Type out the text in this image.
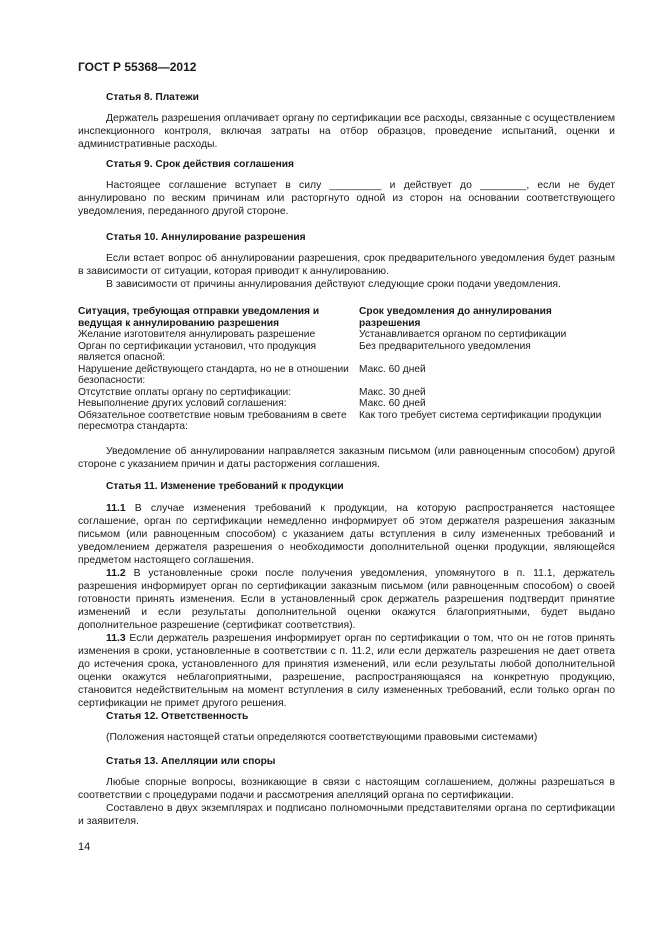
ГОСТ Р 55368—2012
Статья 8. Платежи

Держатель разрешения оплачивает органу по сертификации все расходы, связанные с осуществлением инспекционного контроля, включая затраты на отбор образцов, проведение испытаний, оценки и административные расходы.

Статья 9. Срок действия соглашения

Настоящее соглашение вступает в силу _________ и действует до ________, если не будет аннулировано по веским причинам или расторгнуто одной из сторон на основании соответствующего уведомления, переданного другой стороне.

Статья 10. Аннулирование разрешения

Если встает вопрос об аннулировании разрешения, срок предварительного уведомления будет разным в зависимости от ситуации, которая приводит к аннулированию.

В зависимости от причины аннулирования действуют следующие сроки подачи уведомления.

Ситуация, требующая отправки уведомления и ведущая к аннулированию разрешения	Срок уведомления до аннулирования разрешения
Желание изготовителя аннулировать разрешение	Устанавливается органом по сертификации
Орган по сертификации установил, что продукция является опасной:	Без предварительного уведомления
Нарушение действующего стандарта, но не в отношении безопасности:	Макс. 60 дней
Отсутствие оплаты органу по сертификации:	Макс. 30 дней
Невыполнение других условий соглашения:	Макс. 60 дней
Обязательное соответствие новым требованиям в свете пересмотра стандарта:	Как того требует система сертификации продукции

Уведомление об аннулировании направляется заказным письмом (или равноценным способом) другой стороне с указанием причин и даты расторжения соглашения.

Статья 11. Изменение требований к продукции

11.1 В случае изменения требований к продукции, на которую распространяется настоящее соглашение, орган по сертификации немедленно информирует об этом держателя разрешения заказным письмом (или равноценным способом) с указанием даты вступления в силу измененных требований и уведомлением держателя разрешения о необходимости дополнительной оценки продукции, являющейся предметом настоящего соглашения.

11.2 В установленные сроки после получения уведомления, упомянутого в п. 11.1, держатель разрешения информирует орган по сертификации заказным письмом (или равноценным способом) о своей готовности принять изменения. Если в установленный срок держатель разрешения подтвердит принятие изменений и если результаты дополнительной оценки окажутся благоприятными, будет выдано дополнительное разрешение (сертификат соответствия).

11.3 Если держатель разрешения информирует орган по сертификации о том, что он не готов принять изменения в сроки, установленные в соответствии с п. 11.2, или если держатель разрешения не дает ответа до истечения срока, установленного для принятия изменений, или если результаты любой дополнительной оценки окажутся неблагоприятными, разрешение, распространяющаяся на конкретную продукцию, становится недействительным на момент вступления в силу измененных требований, если только орган по сертификации не примет другого решения.

Статья 12. Ответственность

(Положения настоящей статьи определяются соответствующими правовыми системами)

Статья 13. Апелляции или споры

Любые спорные вопросы, возникающие в связи с настоящим соглашением, должны разрешаться в соответствии с процедурами подачи и рассмотрения апелляций органа по сертификации.

Составлено в двух экземплярах и подписано полномочными представителями органа по сертификации и заявителя.

14
